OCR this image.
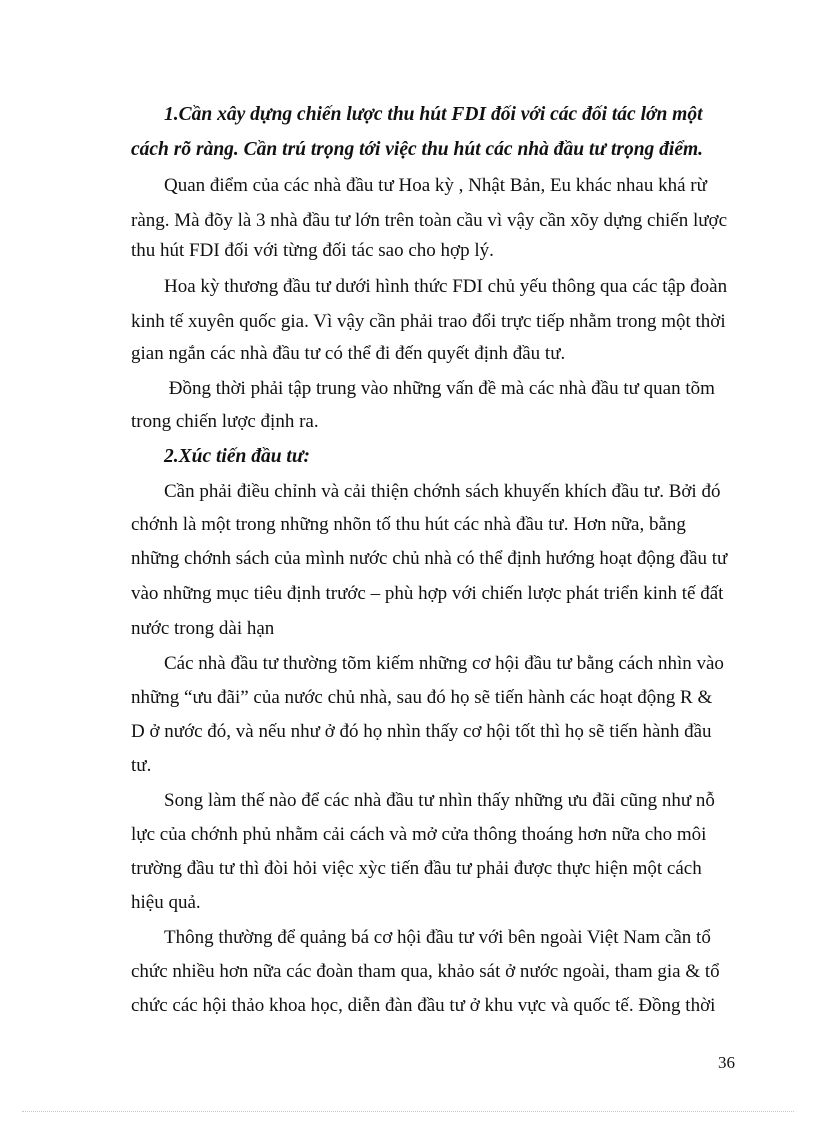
1.Cần xây dựng chiến lược thu hút FDI đối với các đối tác lớn một
cách rõ ràng. Cần trú trọng tới việc thu hút các nhà đầu tư trọng điểm.
Quan điểm của các nhà đầu tư Hoa kỳ , Nhật Bản, Eu khác nhau khá rừ
ràng. Mà đõy là 3 nhà đầu tư lớn trên toàn cầu vì vậy cần xõy dựng chiến lược
thu hút FDI đối với từng đối tác sao cho hợp lý.
Hoa kỳ thương đầu tư dưới hình thức FDI chủ yếu thông qua các tập đoàn
kinh tế xuyên quốc gia. Vì vậy cần phải trao đổi trực tiếp nhằm trong một thời
gian ngắn các nhà đầu tư có thể đi đến quyết định đầu tư.
Đồng thời phải tập trung vào những vấn đề mà các nhà đầu tư quan tõm
trong chiến lược định ra.
2.Xúc tiến đầu tư:
Cần phải điều chỉnh và cải thiện chớnh sách khuyến khích đầu tư. Bởi đó
chớnh là một trong những nhõn tố thu hút các nhà đầu tư. Hơn nữa, bằng
những chớnh sách của mình nước chủ nhà có thể định hướng hoạt động đầu tư
vào những mục tiêu định trước – phù hợp với chiến lược phát triển kinh tế đất
nước trong dài hạn
Các nhà đầu tư thường tõm kiếm những cơ hội đầu tư bằng cách nhìn vào
những “ưu đãi” của nước chủ nhà, sau đó họ sẽ tiến hành các hoạt động R &
D ở nước đó, và nếu như ở đó họ nhìn thấy cơ hội tốt thì họ sẽ tiến hành đầu
tư.
Song làm thế nào để các nhà đầu tư nhìn thấy những ưu đãi cũng như nỗ
lực của chớnh phủ nhằm cải cách và mở cửa thông thoáng hơn nữa cho môi
trường đầu tư thì đòi hỏi việc xỳc tiến đầu tư phải được thực hiện một cách
hiệu quả.
Thông thường để quảng bá cơ hội đầu tư với bên ngoài Việt Nam cần tổ
chức nhiều hơn nữa các đoàn tham qua, khảo sát ở nước ngoài, tham gia & tổ
chức các hội thảo khoa học, diễn đàn đầu tư ở khu vực và quốc tế. Đồng thời
36
